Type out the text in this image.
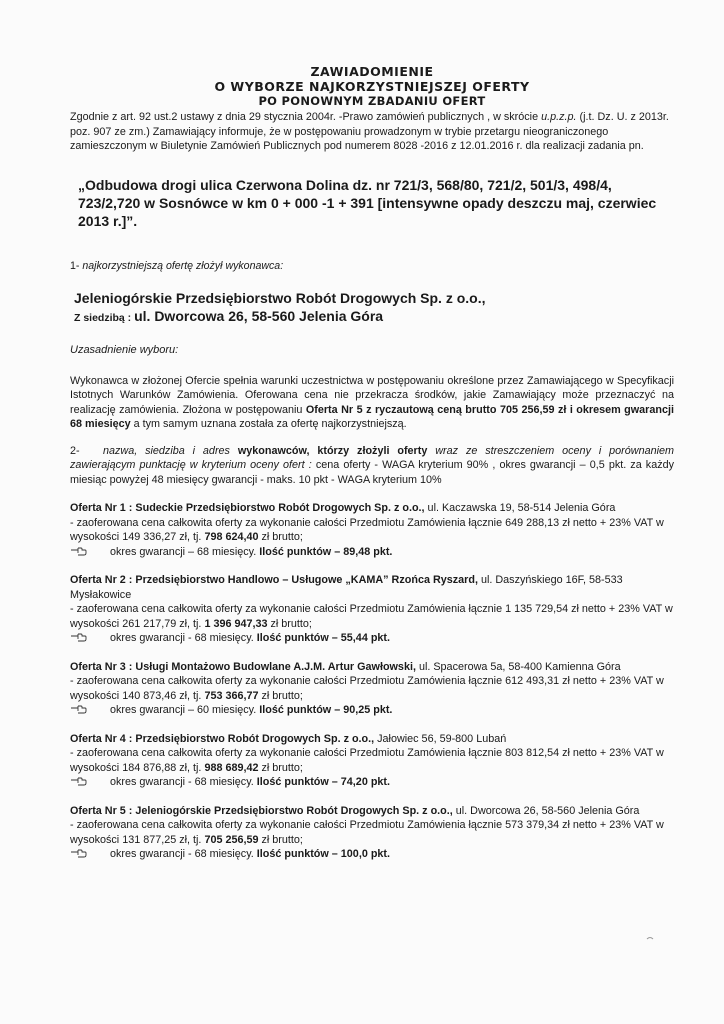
ZAWIADOMIENIE
O WYBORZE NAJKORZYSTNIEJSZEJ OFERTY
PO PONOWNYM ZBADANIU OFERT

Zgodnie z art. 92 ust.2 ustawy z dnia 29 stycznia 2004r. -Prawo zamówień publicznych , w skrócie u.p.z.p. (j.t. Dz. U. z 2013r. poz. 907 ze zm.) Zamawiający informuje, że w postępowaniu prowadzonym w trybie przetargu nieograniczonego zamieszczonym w Biuletynie Zamówień Publicznych pod numerem 8028 -2016 z 12.01.2016 r. dla realizacji zadania pn.

„Odbudowa drogi ulica Czerwona Dolina dz. nr 721/3, 568/80, 721/2, 501/3, 498/4, 723/2,720 w Sosnówce w km 0 + 000 -1 + 391 [intensywne opady deszczu maj, czerwiec 2013 r.]”.

1- najkorzystniejszą ofertę złożył wykonawca:

Jeleniogórskie Przedsiębiorstwo Robót Drogowych Sp. z o.o.,
Z siedzibą : ul. Dworcowa 26, 58-560 Jelenia Góra

Uzasadnienie wyboru:

Wykonawca w złożonej Ofercie spełnia warunki uczestnictwa w postępowaniu określone przez Zamawiającego w Specyfikacji Istotnych Warunków Zamówienia. Oferowana cena nie przekracza środków, jakie Zamawiający może przeznaczyć na realizację zamówienia. Złożona w postępowaniu Oferta Nr 5 z ryczautową ceną brutto 705 256,59 zł i okresem gwarancji 68 miesięcy a tym samym uznana została za ofertę najkorzystniejszą.

2- nazwa, siedziba i adres wykonawców, którzy złożyli oferty wraz ze streszczeniem oceny i porównaniem zawierającym punktację w kryterium oceny ofert : cena oferty - WAGA kryterium 90% , okres gwarancji – 0,5 pkt. za każdy miesiąc powyżej 48 miesięcy gwarancji - maks. 10 pkt - WAGA kryterium 10%

Oferta Nr 1 : Sudeckie Przedsiębiorstwo Robót Drogowych Sp. z o.o., ul. Kaczawska 19, 58-514 Jelenia Góra
- zaoferowana cena całkowita oferty za wykonanie całości Przedmiotu Zamówienia łącznie 649 288,13 zł netto + 23% VAT w wysokości 149 336,27 zł, tj. 798 624,40 zł brutto;
okres gwarancji – 68 miesięcy. Ilość punktów – 89,48 pkt.
Oferta Nr 2 : Przedsiębiorstwo Handlowo – Usługowe „KAMA” Rzońca Ryszard, ul. Daszyńskiego 16F, 58-533 Mysłakowice
- zaoferowana cena całkowita oferty za wykonanie całości Przedmiotu Zamówienia łącznie 1 135 729,54 zł netto + 23% VAT w wysokości 261 217,79 zł, tj. 1 396 947,33 zł brutto;
okres gwarancji - 68 miesięcy. Ilość punktów – 55,44 pkt.
Oferta Nr 3 : Usługi Montażowo Budowlane A.J.M. Artur Gawłowski, ul. Spacerowa 5a, 58-400 Kamienna Góra
- zaoferowana cena całkowita oferty za wykonanie całości Przedmiotu Zamówienia łącznie 612 493,31 zł netto + 23% VAT w wysokości 140 873,46 zł, tj. 753 366,77 zł brutto;
okres gwarancji – 60 miesięcy. Ilość punktów – 90,25 pkt.
Oferta Nr 4 : Przedsiębiorstwo Robót Drogowych Sp. z o.o., Jałowiec 56, 59-800 Lubań
- zaoferowana cena całkowita oferty za wykonanie całości Przedmiotu Zamówienia łącznie 803 812,54 zł netto + 23% VAT w wysokości 184 876,88 zł, tj. 988 689,42 zł brutto;
okres gwarancji - 68 miesięcy. Ilość punktów – 74,20 pkt.
Oferta Nr 5 : Jeleniogórskie Przedsiębiorstwo Robót Drogowych Sp. z o.o., ul. Dworcowa 26, 58-560 Jelenia Góra
- zaoferowana cena całkowita oferty za wykonanie całości Przedmiotu Zamówienia łącznie 573 379,34 zł netto + 23% VAT w wysokości 131 877,25 zł, tj. 705 256,59 zł brutto;
okres gwarancji - 68 miesięcy. Ilość punktów – 100,0 pkt.
